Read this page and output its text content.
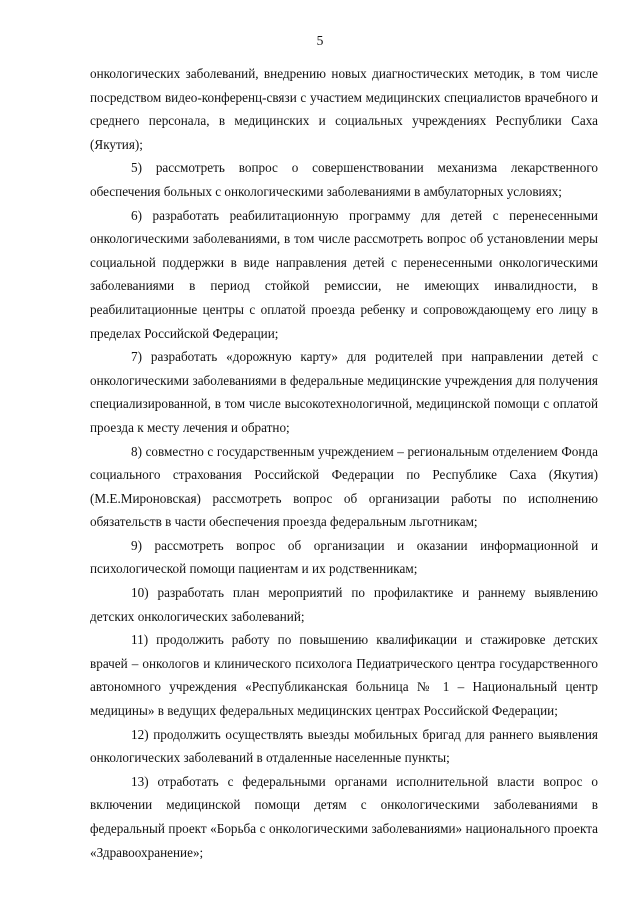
5

онкологических заболеваний, внедрению новых диагностических методик, в том числе посредством видео-конференц-связи с участием медицинских специалистов врачебного и среднего персонала, в медицинских и социальных учреждениях Республики Саха (Якутия);

5) рассмотреть вопрос о совершенствовании механизма лекарственного обеспечения больных с онкологическими заболеваниями в амбулаторных условиях;

6) разработать реабилитационную программу для детей с перенесенными онкологическими заболеваниями, в том числе рассмотреть вопрос об установлении меры социальной поддержки в виде направления детей с перенесенными онкологическими заболеваниями в период стойкой ремиссии, не имеющих инвалидности, в реабилитационные центры с оплатой проезда ребенку и сопровождающему его лицу в пределах Российской Федерации;

7) разработать «дорожную карту» для родителей при направлении детей с онкологическими заболеваниями в федеральные медицинские учреждения для получения специализированной, в том числе высокотехнологичной, медицинской помощи с оплатой проезда к месту лечения и обратно;

8) совместно с государственным учреждением – региональным отделением Фонда социального страхования Российской Федерации по Республике Саха (Якутия) (М.Е.Мироновская) рассмотреть вопрос об организации работы по исполнению обязательств в части обеспечения проезда федеральным льготникам;

9) рассмотреть вопрос об организации и оказании информационной и психологической помощи пациентам и их родственникам;

10) разработать план мероприятий по профилактике и раннему выявлению детских онкологических заболеваний;

11) продолжить работу по повышению квалификации и стажировке детских врачей – онкологов и клинического психолога Педиатрического центра государственного автономного учреждения «Республиканская больница № 1 – Национальный центр медицины» в ведущих федеральных медицинских центрах Российской Федерации;

12) продолжить осуществлять выезды мобильных бригад для раннего выявления онкологических заболеваний в отдаленные населенные пункты;

13) отработать с федеральными органами исполнительной власти вопрос о включении медицинской помощи детям с онкологическими заболеваниями в федеральный проект «Борьба с онкологическими заболеваниями» национального проекта «Здравоохранение»;
